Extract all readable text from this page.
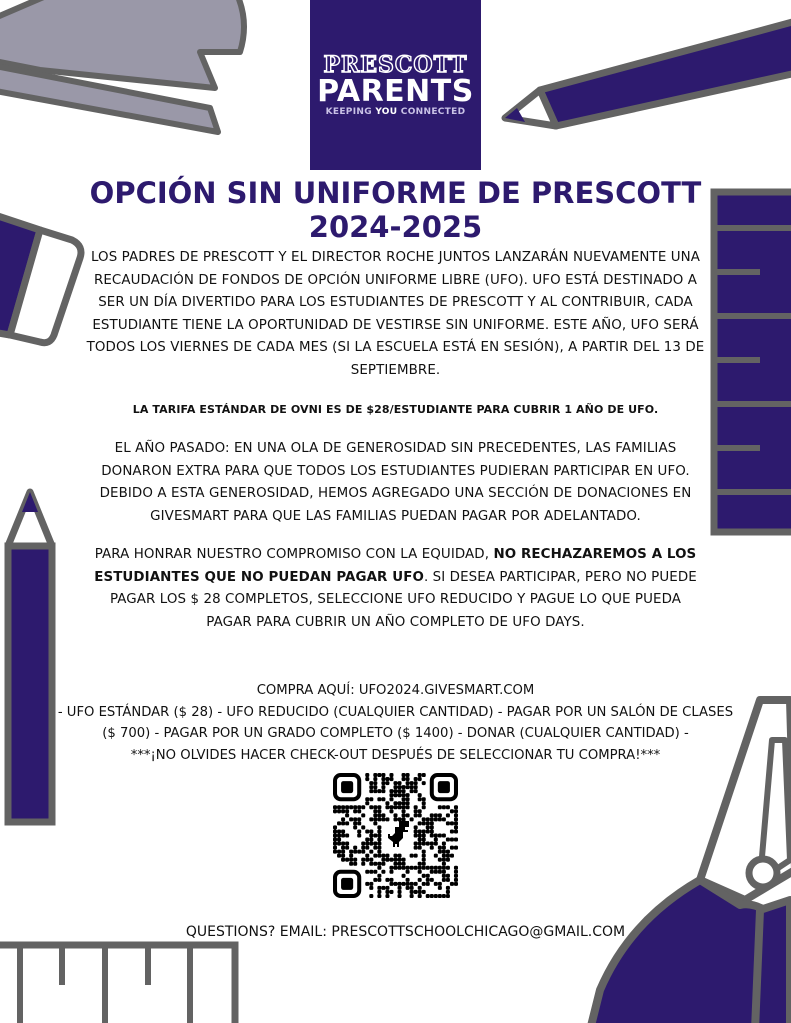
PRESCOTT
PARENTS
KEEPING YOU CONNECTED
OPCIÓN SIN UNIFORME DE PRESCOTT
2024-2025

LOS PADRES DE PRESCOTT Y EL DIRECTOR ROCHE JUNTOS LANZARÁN NUEVAMENTE UNA RECAUDACIÓN DE FONDOS DE OPCIÓN UNIFORME LIBRE (UFO). UFO ESTÁ DESTINADO A SER UN DÍA DIVERTIDO PARA LOS ESTUDIANTES DE PRESCOTT Y AL CONTRIBUIR, CADA ESTUDIANTE TIENE LA OPORTUNIDAD DE VESTIRSE SIN UNIFORME. ESTE AÑO, UFO SERÁ TODOS LOS VIERNES DE CADA MES (SI LA ESCUELA ESTÁ EN SESIÓN), A PARTIR DEL 13 DE SEPTIEMBRE.

LA TARIFA ESTÁNDAR DE OVNI ES DE $28/ESTUDIANTE PARA CUBRIR 1 AÑO DE UFO.

EL AÑO PASADO: EN UNA OLA DE GENEROSIDAD SIN PRECEDENTES, LAS FAMILIAS DONARON EXTRA PARA QUE TODOS LOS ESTUDIANTES PUDIERAN PARTICIPAR EN UFO. DEBIDO A ESTA GENEROSIDAD, HEMOS AGREGADO UNA SECCIÓN DE DONACIONES EN GIVESMART PARA QUE LAS FAMILIAS PUEDAN PAGAR POR ADELANTADO.

PARA HONRAR NUESTRO COMPROMISO CON LA EQUIDAD, NO RECHAZAREMOS A LOS ESTUDIANTES QUE NO PUEDAN PAGAR UFO. SI DESEA PARTICIPAR, PERO NO PUEDE PAGAR LOS $ 28 COMPLETOS, SELECCIONE UFO REDUCIDO Y PAGUE LO QUE PUEDA PAGAR PARA CUBRIR UN AÑO COMPLETO DE UFO DAYS.

COMPRA AQUÍ: UFO2024.GIVESMART.COM
- UFO ESTÁNDAR ($ 28) - UFO REDUCIDO (CUALQUIER CANTIDAD) - PAGAR POR UN SALÓN DE CLASES
($ 700) - PAGAR POR UN GRADO COMPLETO ($ 1400) - DONAR (CUALQUIER CANTIDAD) -
***¡NO OLVIDES HACER CHECK-OUT DESPUÉS DE SELECCIONAR TU COMPRA!***

QUESTIONS? EMAIL: PRESCOTTSCHOOLCHICAGO@GMAIL.COM
